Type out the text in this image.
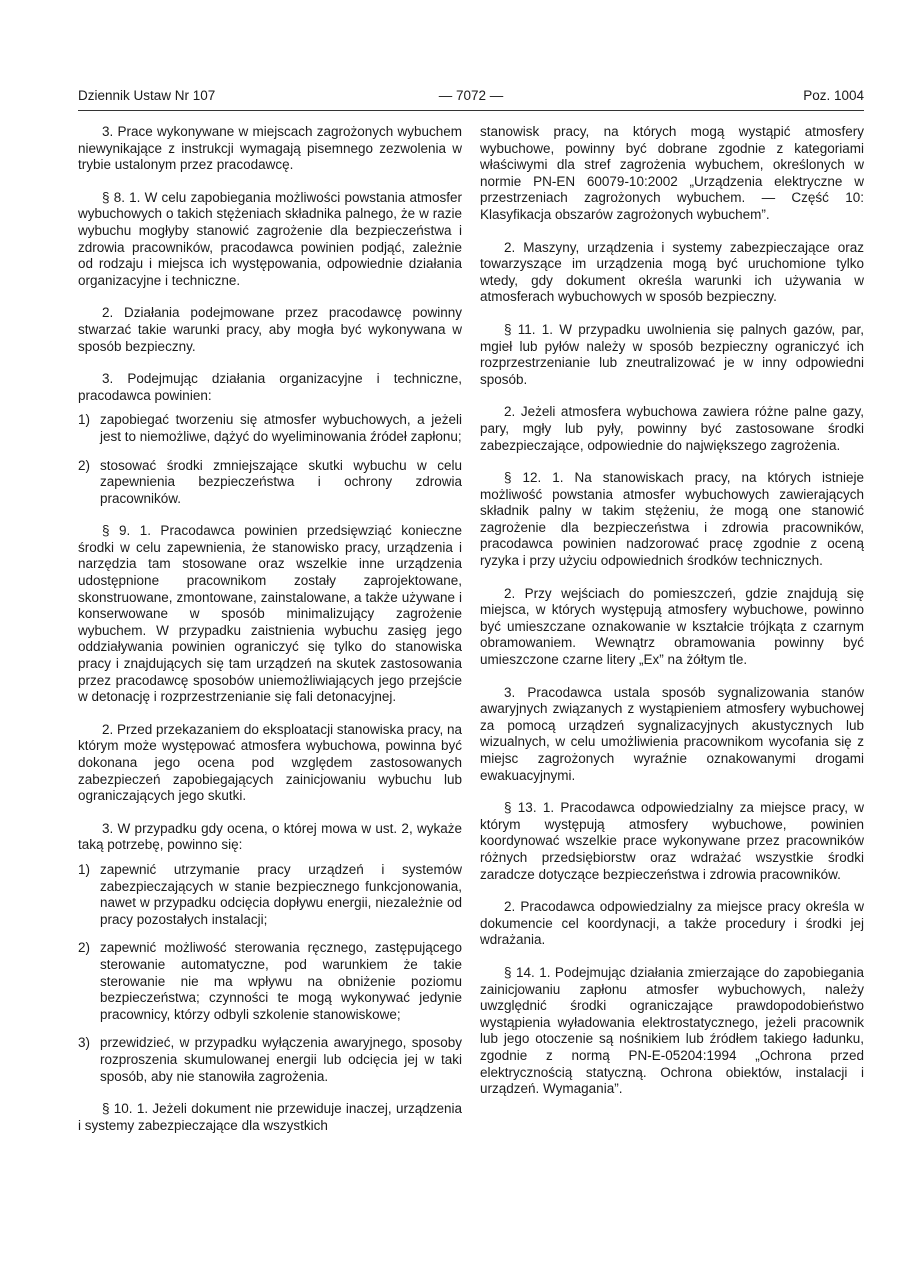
Dziennik Ustaw Nr 107	— 7072 —	Poz. 1004

3. Prace wykonywane w miejscach zagrożonych wybuchem niewynikające z instrukcji wymagają pisemnego zezwolenia w trybie ustalonym przez pracodawcę.

§ 8. 1. W celu zapobiegania możliwości powstania atmosfer wybuchowych o takich stężeniach składnika palnego, że w razie wybuchu mogłyby stanowić zagrożenie dla bezpieczeństwa i zdrowia pracowników, pracodawca powinien podjąć, zależnie od rodzaju i miejsca ich występowania, odpowiednie działania organizacyjne i techniczne.

2. Działania podejmowane przez pracodawcę powinny stwarzać takie warunki pracy, aby mogła być wykonywana w sposób bezpieczny.

3. Podejmując działania organizacyjne i techniczne, pracodawca powinien:

1) zapobiegać tworzeniu się atmosfer wybuchowych, a jeżeli jest to niemożliwe, dążyć do wyeliminowania źródeł zapłonu;
2) stosować środki zmniejszające skutki wybuchu w celu zapewnienia bezpieczeństwa i ochrony zdrowia pracowników.

§ 9. 1. Pracodawca powinien przedsięwziąć konieczne środki w celu zapewnienia, że stanowisko pracy, urządzenia i narzędzia tam stosowane oraz wszelkie inne urządzenia udostępnione pracownikom zostały zaprojektowane, skonstruowane, zmontowane, zainstalowane, a także używane i konserwowane w sposób minimalizujący zagrożenie wybuchem. W przypadku zaistnienia wybuchu zasięg jego oddziaływania powinien ograniczyć się tylko do stanowiska pracy i znajdujących się tam urządzeń na skutek zastosowania przez pracodawcę sposobów uniemożliwiających jego przejście w detonację i rozprzestrzenianie się fali detonacyjnej.

2. Przed przekazaniem do eksploatacji stanowiska pracy, na którym może występować atmosfera wybuchowa, powinna być dokonana jego ocena pod względem zastosowanych zabezpieczeń zapobiegających zainicjowaniu wybuchu lub ograniczających jego skutki.

3. W przypadku gdy ocena, o której mowa w ust. 2, wykaże taką potrzebę, powinno się:

1) zapewnić utrzymanie pracy urządzeń i systemów zabezpieczających w stanie bezpiecznego funkcjonowania, nawet w przypadku odcięcia dopływu energii, niezależnie od pracy pozostałych instalacji;
2) zapewnić możliwość sterowania ręcznego, zastępującego sterowanie automatyczne, pod warunkiem że takie sterowanie nie ma wpływu na obniżenie poziomu bezpieczeństwa; czynności te mogą wykonywać jedynie pracownicy, którzy odbyli szkolenie stanowiskowe;
3) przewidzieć, w przypadku wyłączenia awaryjnego, sposoby rozproszenia skumulowanej energii lub odcięcia jej w taki sposób, aby nie stanowiła zagrożenia.

§ 10. 1. Jeżeli dokument nie przewiduje inaczej, urządzenia i systemy zabezpieczające dla wszystkich

stanowisk pracy, na których mogą wystąpić atmosfery wybuchowe, powinny być dobrane zgodnie z kategoriami właściwymi dla stref zagrożenia wybuchem, określonych w normie PN-EN 60079-10:2002 „Urządzenia elektryczne w przestrzeniach zagrożonych wybuchem. — Część 10: Klasyfikacja obszarów zagrożonych wybuchem”.

2. Maszyny, urządzenia i systemy zabezpieczające oraz towarzyszące im urządzenia mogą być uruchomione tylko wtedy, gdy dokument określa warunki ich używania w atmosferach wybuchowych w sposób bezpieczny.

§ 11. 1. W przypadku uwolnienia się palnych gazów, par, mgieł lub pyłów należy w sposób bezpieczny ograniczyć ich rozprzestrzenianie lub zneutralizować je w inny odpowiedni sposób.

2. Jeżeli atmosfera wybuchowa zawiera różne palne gazy, pary, mgły lub pyły, powinny być zastosowane środki zabezpieczające, odpowiednie do największego zagrożenia.

§ 12. 1. Na stanowiskach pracy, na których istnieje możliwość powstania atmosfer wybuchowych zawierających składnik palny w takim stężeniu, że mogą one stanowić zagrożenie dla bezpieczeństwa i zdrowia pracowników, pracodawca powinien nadzorować pracę zgodnie z oceną ryzyka i przy użyciu odpowiednich środków technicznych.

2. Przy wejściach do pomieszczeń, gdzie znajdują się miejsca, w których występują atmosfery wybuchowe, powinno być umieszczane oznakowanie w kształcie trójkąta z czarnym obramowaniem. Wewnątrz obramowania powinny być umieszczone czarne litery „Ex” na żółtym tle.

3. Pracodawca ustala sposób sygnalizowania stanów awaryjnych związanych z wystąpieniem atmosfery wybuchowej za pomocą urządzeń sygnalizacyjnych akustycznych lub wizualnych, w celu umożliwienia pracownikom wycofania się z miejsc zagrożonych wyraźnie oznakowanymi drogami ewakuacyjnymi.

§ 13. 1. Pracodawca odpowiedzialny za miejsce pracy, w którym występują atmosfery wybuchowe, powinien koordynować wszelkie prace wykonywane przez pracowników różnych przedsiębiorstw oraz wdrażać wszystkie środki zaradcze dotyczące bezpieczeństwa i zdrowia pracowników.

2. Pracodawca odpowiedzialny za miejsce pracy określa w dokumencie cel koordynacji, a także procedury i środki jej wdrażania.

§ 14. 1. Podejmując działania zmierzające do zapobiegania zainicjowaniu zapłonu atmosfer wybuchowych, należy uwzględnić środki ograniczające prawdopodobieństwo wystąpienia wyładowania elektrostatycznego, jeżeli pracownik lub jego otoczenie są nośnikiem lub źródłem takiego ładunku, zgodnie z normą PN-E-05204:1994 „Ochrona przed elektrycznością statyczną. Ochrona obiektów, instalacji i urządzeń. Wymagania”.
